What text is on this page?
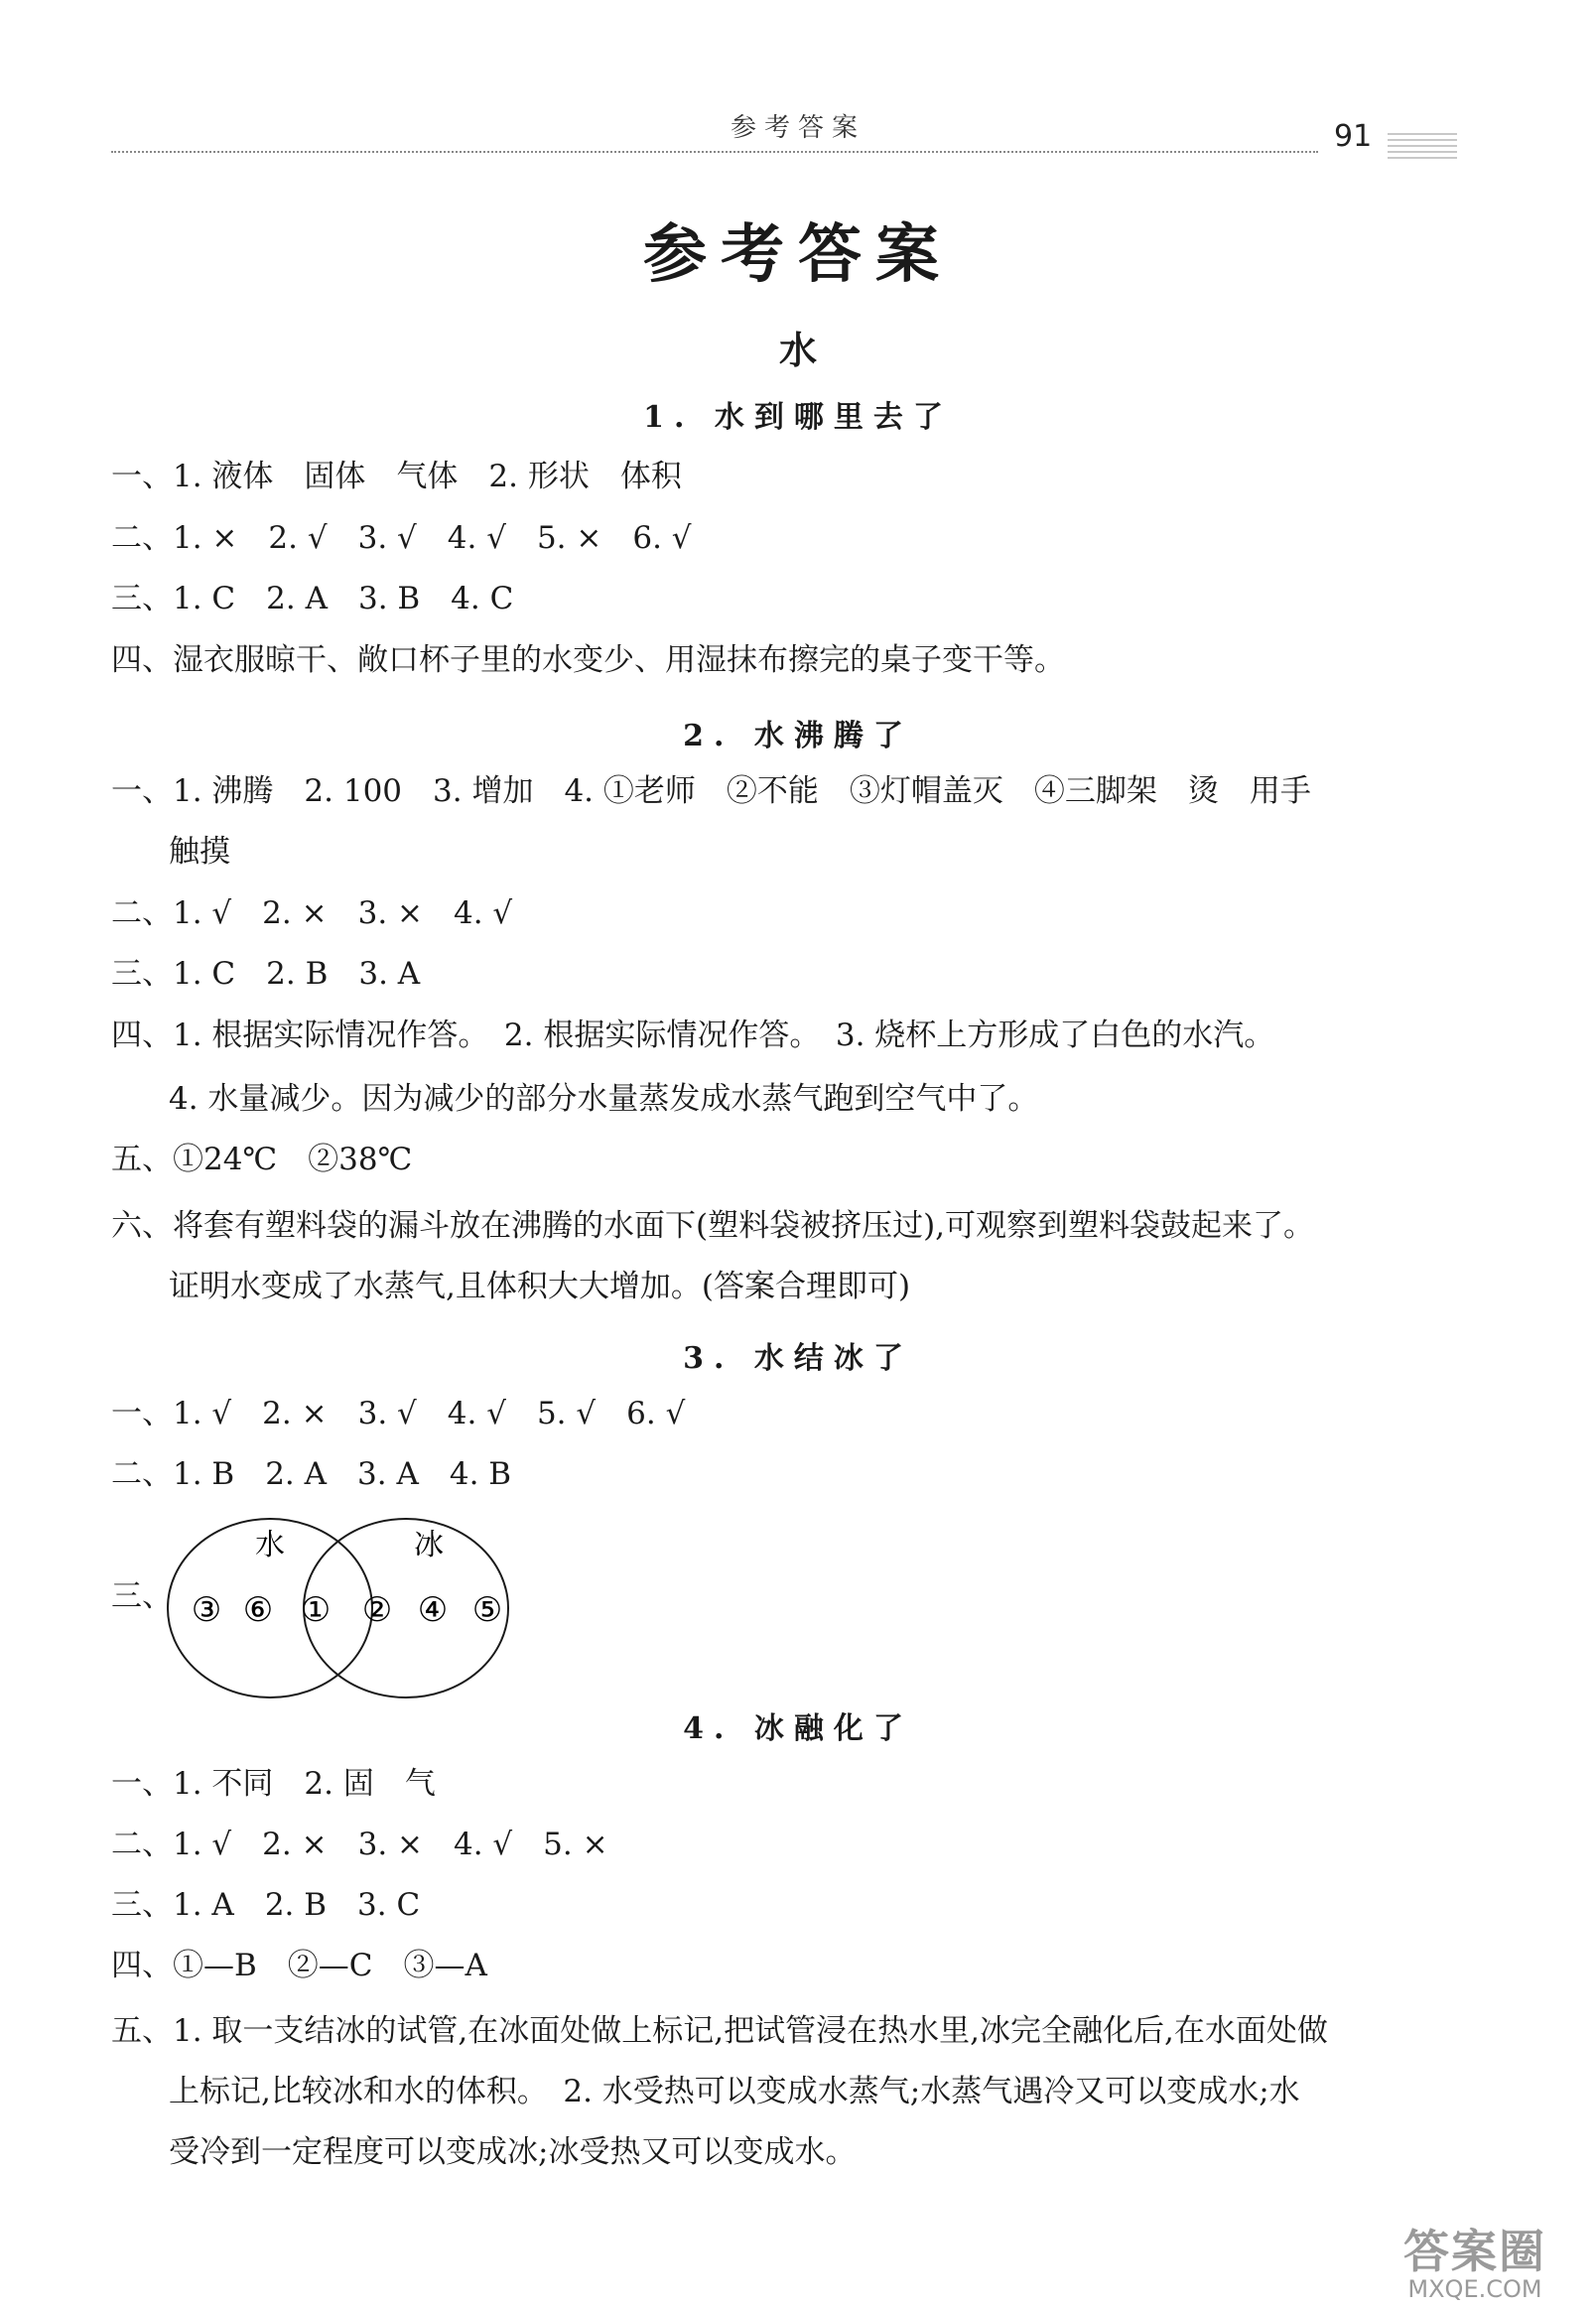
参考答案	91
参考答案
水
1. 水到哪里去了
一、1. 液体　固体　气体　2. 形状　体积
二、1. ×　2. √　3. √　4. √　5. ×　6. √
三、1. C　2. A　3. B　4. C
四、湿衣服晾干、敞口杯子里的水变少、用湿抹布擦完的桌子变干等。
2. 水沸腾了
一、1. 沸腾　2. 100　3. 增加　4. ①老师　②不能　③灯帽盖灭　④三脚架　烫　用手
触摸
二、1. √　2. ×　3. ×　4. √
三、1. C　2. B　3. A
四、1. 根据实际情况作答。　2. 根据实际情况作答。　3. 烧杯上方形成了白色的水汽。
4. 水量减少。因为减少的部分水量蒸发成水蒸气跑到空气中了。
五、①24℃　②38℃
六、将套有塑料袋的漏斗放在沸腾的水面下(塑料袋被挤压过),可观察到塑料袋鼓起来了。
证明水变成了水蒸气,且体积大大增加。(答案合理即可)
3. 水结冰了
一、1. √　2. ×　3. √　4. √　5. √　6. √
二、1. B　2. A　3. A　4. B
三、
水	冰
③ ⑥ ① ② ④ ⑤
4. 冰融化了
一、1. 不同　2. 固　气
二、1. √　2. ×　3. ×　4. √　5. ×
三、1. A　2. B　3. C
四、①—B　②—C　③—A
五、1. 取一支结冰的试管,在冰面处做上标记,把试管浸在热水里,冰完全融化后,在水面处做
上标记,比较冰和水的体积。　2. 水受热可以变成水蒸气;水蒸气遇冷又可以变成水;水
受冷到一定程度可以变成冰;冰受热又可以变成水。
答案圈
MXQE.COM
